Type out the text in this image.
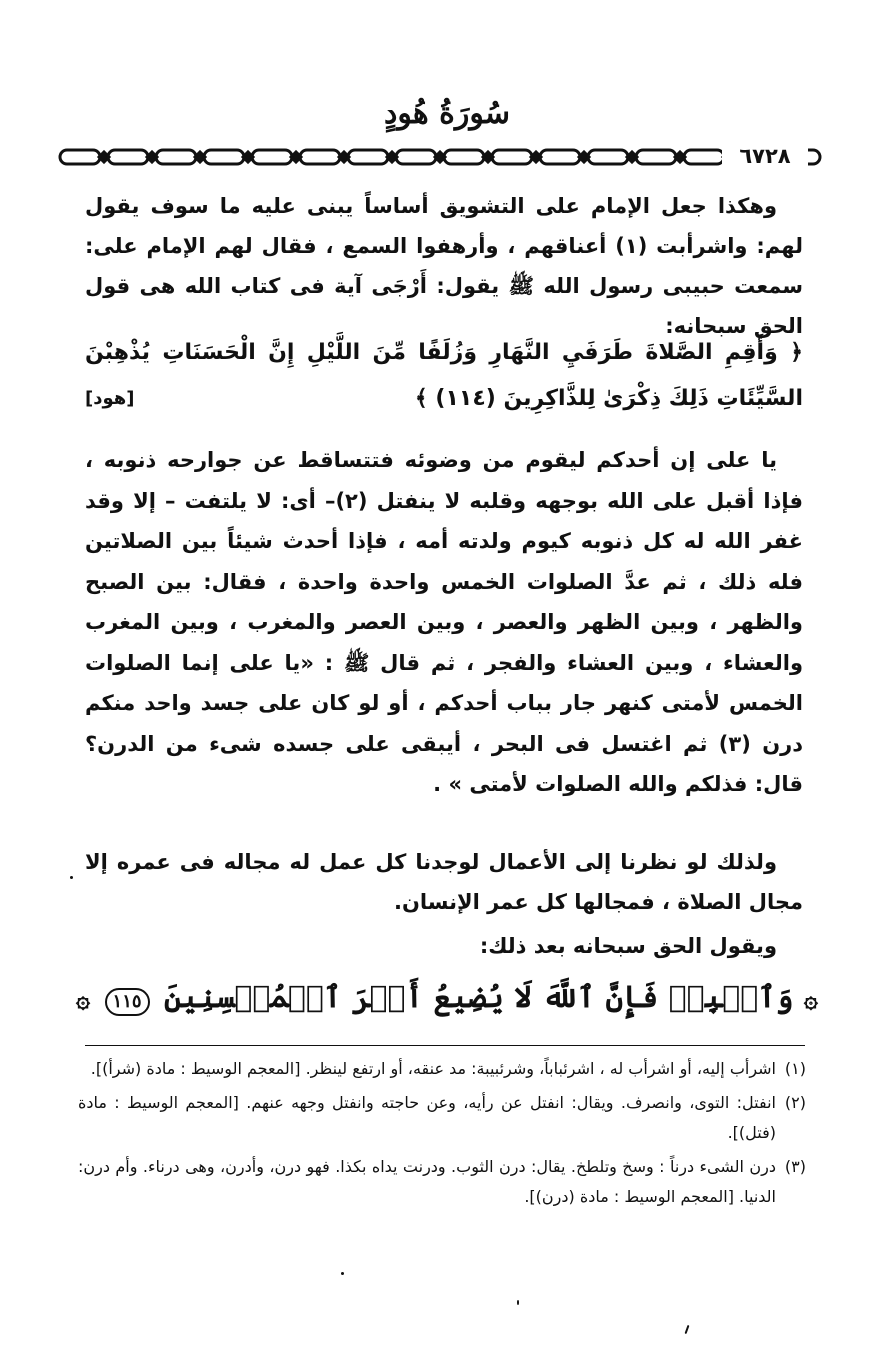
سُورَةُ هُودٍ
٦٧٢٨

وهكذا جعل الإمام على التشويق أساساً يبنى عليه ما سوف يقول لهم: واشرأبت (١) أعناقهم ، وأرهفوا السمع ، فقال لهم الإمام على: سمعت حبيبى رسول الله ﷺ يقول: أَرْجَى آية فى كتاب الله هى قول الحق سبحانه:

﴿ وَأَقِمِ الصَّلاةَ طَرَفَيِ النَّهَارِ وَزُلَفًا مِّنَ اللَّيْلِ إِنَّ الْحَسَنَاتِ يُذْهِبْنَ السَّيِّئَاتِ ذَلِكَ ذِكْرَىٰ لِلذَّاكِرِينَ (١١٤) ﴾
[هود]

يا على إن أحدكم ليقوم من وضوئه فتتساقط عن جوارحه ذنوبه ، فإذا أقبل على الله بوجهه وقلبه لا ينفتل (٢)– أى: لا يلتفت – إلا وقد غفر الله له كل ذنوبه كيوم ولدته أمه ، فإذا أحدث شيئاً بين الصلاتين فله ذلك ، ثم عدَّ الصلوات الخمس واحدة واحدة ، فقال: بين الصبح والظهر ، وبين الظهر والعصر ، وبين العصر والمغرب ، وبين المغرب والعشاء ، وبين العشاء والفجر ، ثم قال ﷺ : «يا على إنما الصلوات الخمس لأمتى كنهر جار بباب أحدكم ، أو لو كان على جسد واحد منكم درن (٣) ثم اغتسل فى البحر ، أيبقى على جسده شىء من الدرن؟ قال: فذلكم والله الصلوات لأمتى » .

ولذلك لو نظرنا إلى الأعمال لوجدنا كل عمل له مجاله فى عمره إلا مجال الصلاة ، فمجالها كل عمر الإنسان.

ويقول الحق سبحانه بعد ذلك:

۞ وَٱصۡبِرۡ فَإِنَّ ٱللَّهَ لَا يُضِيعُ أَجۡرَ ٱلۡمُحۡسِنِينَ ١١٥ ۞
(١)
اشرأب إليه، أو اشرأب له ، اشرئباباً، وشرئبيبة: مد عنقه، أو ارتفع لينظر. [المعجم الوسيط : مادة (شرأ)].
(٢)
انفتل: التوى، وانصرف. ويقال: انفتل عن رأيه، وعن حاجته وانفتل وجهه عنهم. [المعجم الوسيط : مادة (فتل)].
(٣)
درن الشىء درناً : وسخ وتلطخ. يقال: درن الثوب. ودرنت يداه بكذا. فهو درن، وأدرن، وهى درناء. وأم درن: الدنيا. [المعجم الوسيط : مادة (درن)].
